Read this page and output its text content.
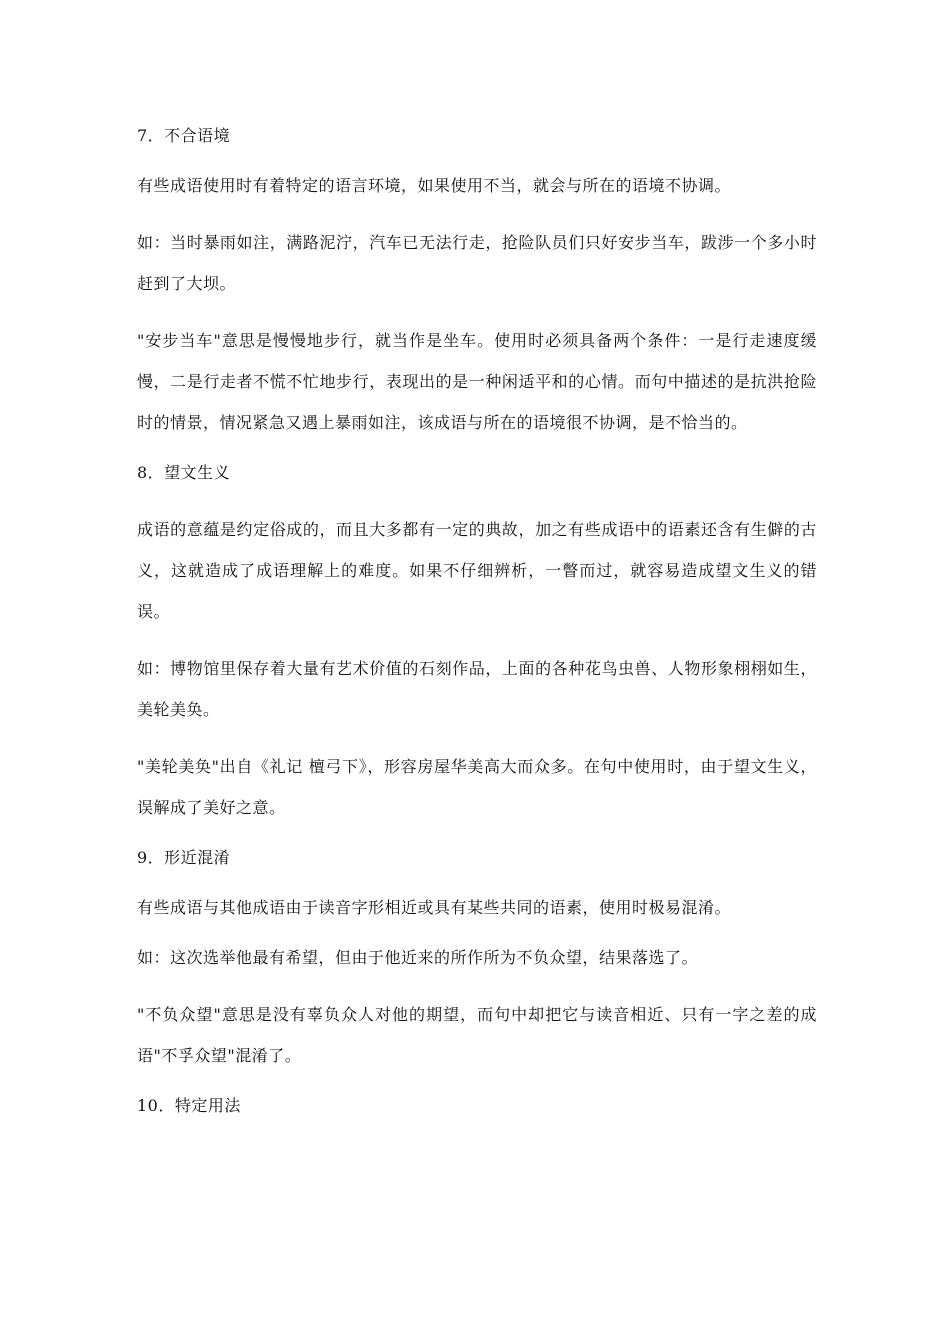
7．不合语境

有些成语使用时有着特定的语言环境，如果使用不当，就会与所在的语境不协调。

如：当时暴雨如注，满路泥泞，汽车已无法行走，抢险队员们只好安步当车，跋涉一个多小时赶到了大坝。

"安步当车"意思是慢慢地步行，就当作是坐车。使用时必须具备两个条件：一是行走速度缓慢，二是行走者不慌不忙地步行，表现出的是一种闲适平和的心情。而句中描述的是抗洪抢险时的情景，情况紧急又遇上暴雨如注，该成语与所在的语境很不协调，是不恰当的。

8．望文生义

成语的意蕴是约定俗成的，而且大多都有一定的典故，加之有些成语中的语素还含有生僻的古义，这就造成了成语理解上的难度。如果不仔细辨析，一瞥而过，就容易造成望文生义的错误。

如：博物馆里保存着大量有艺术价值的石刻作品，上面的各种花鸟虫兽、人物形象栩栩如生，美轮美奂。

"美轮美奂"出自《礼记 檀弓下》，形容房屋华美高大而众多。在句中使用时，由于望文生义，误解成了美好之意。

9．形近混淆

有些成语与其他成语由于读音字形相近或具有某些共同的语素，使用时极易混淆。

如：这次选举他最有希望，但由于他近来的所作所为不负众望，结果落选了。

"不负众望"意思是没有辜负众人对他的期望，而句中却把它与读音相近、只有一字之差的成语"不孚众望"混淆了。

10．特定用法
